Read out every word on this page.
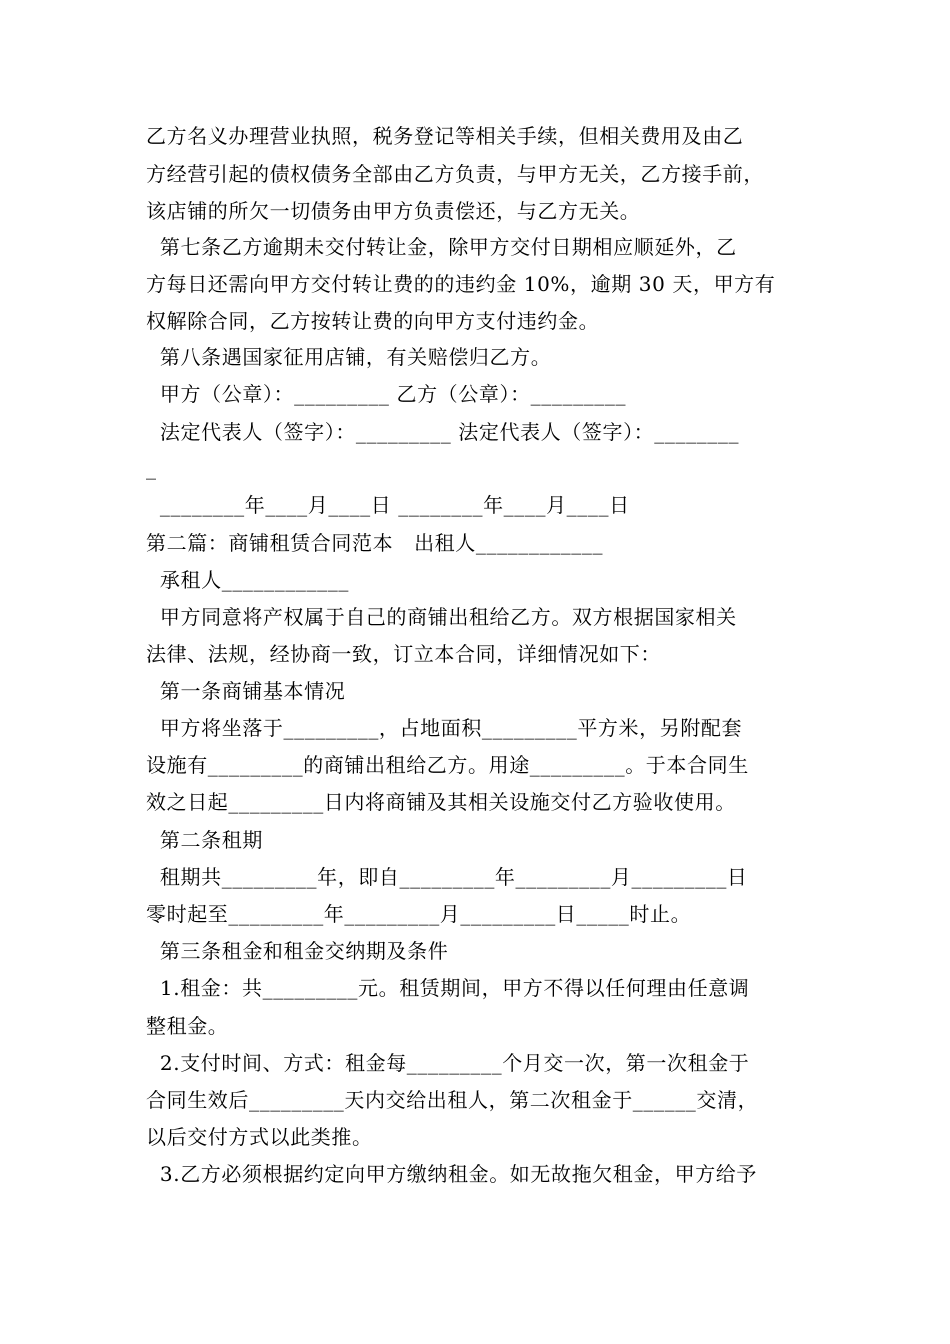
乙方名义办理营业执照，税务登记等相关手续，但相关费用及由乙
方经营引起的债权债务全部由乙方负责，与甲方无关，乙方接手前，
该店铺的所欠一切债务由甲方负责偿还，与乙方无关。
第七条乙方逾期未交付转让金，除甲方交付日期相应顺延外，乙
方每日还需向甲方交付转让费的的违约金 10%，逾期 30 天，甲方有
权解除合同，乙方按转让费的向甲方支付违约金。
第八条遇国家征用店铺，有关赔偿归乙方。
甲方（公章）：_________ 乙方（公章）：_________
法定代表人（签字）：_________ 法定代表人（签字）：________
_
________年____月____日 ________年____月____日
第二篇：商铺租赁合同范本   出租人____________
承租人____________
甲方同意将产权属于自己的商铺出租给乙方。双方根据国家相关
法律、法规，经协商一致，订立本合同，详细情况如下：
第一条商铺基本情况
甲方将坐落于_________，占地面积_________平方米，另附配套
设施有_________的商铺出租给乙方。用途_________。于本合同生
效之日起_________日内将商铺及其相关设施交付乙方验收使用。
第二条租期
租期共_________年，即自_________年_________月_________日
零时起至_________年_________月_________日_____时止。
第三条租金和租金交纳期及条件
1.租金：共_________元。租赁期间，甲方不得以任何理由任意调
整租金。
2.支付时间、方式：租金每_________个月交一次，第一次租金于
合同生效后_________天内交给出租人，第二次租金于______交清，
以后交付方式以此类推。
3.乙方必须根据约定向甲方缴纳租金。如无故拖欠租金，甲方给予
